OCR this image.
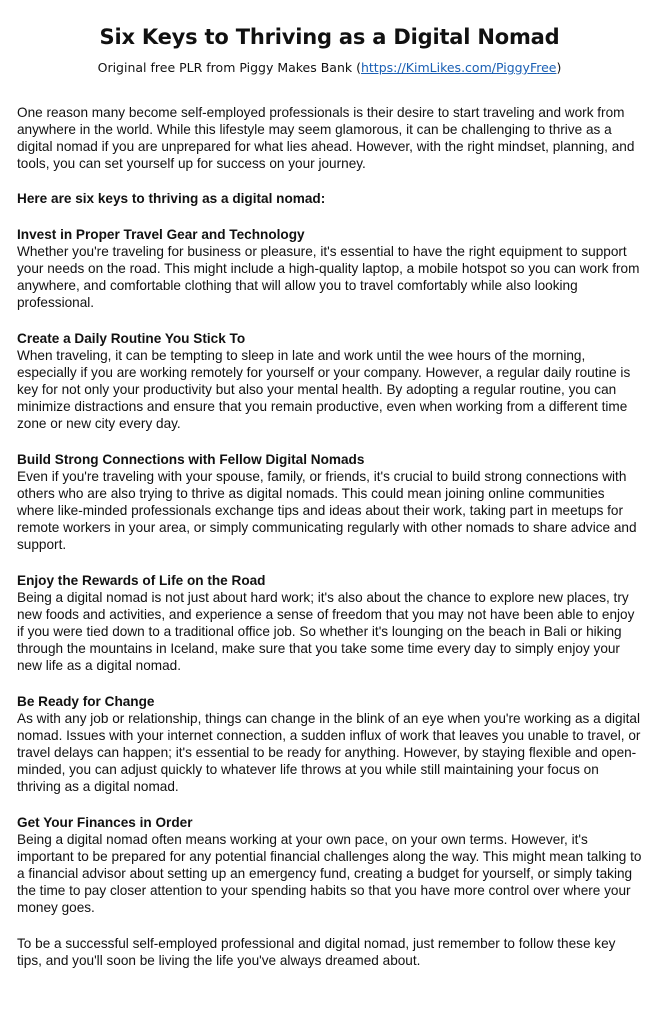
Six Keys to Thriving as a Digital Nomad

Original free PLR from Piggy Makes Bank (https://KimLikes.com/PiggyFree)

One reason many become self-employed professionals is their desire to start traveling and work from anywhere in the world. While this lifestyle may seem glamorous, it can be challenging to thrive as a digital nomad if you are unprepared for what lies ahead. However, with the right mindset, planning, and tools, you can set yourself up for success on your journey.

Here are six keys to thriving as a digital nomad:

Invest in Proper Travel Gear and Technology

Whether you're traveling for business or pleasure, it's essential to have the right equipment to support your needs on the road. This might include a high-quality laptop, a mobile hotspot so you can work from anywhere, and comfortable clothing that will allow you to travel comfortably while also looking professional.

Create a Daily Routine You Stick To

When traveling, it can be tempting to sleep in late and work until the wee hours of the morning, especially if you are working remotely for yourself or your company. However, a regular daily routine is key for not only your productivity but also your mental health. By adopting a regular routine, you can minimize distractions and ensure that you remain productive, even when working from a different time zone or new city every day.

Build Strong Connections with Fellow Digital Nomads

Even if you're traveling with your spouse, family, or friends, it's crucial to build strong connections with others who are also trying to thrive as digital nomads. This could mean joining online communities where like-minded professionals exchange tips and ideas about their work, taking part in meetups for remote workers in your area, or simply communicating regularly with other nomads to share advice and support.

Enjoy the Rewards of Life on the Road

Being a digital nomad is not just about hard work; it's also about the chance to explore new places, try new foods and activities, and experience a sense of freedom that you may not have been able to enjoy if you were tied down to a traditional office job. So whether it's lounging on the beach in Bali or hiking through the mountains in Iceland, make sure that you take some time every day to simply enjoy your new life as a digital nomad.

Be Ready for Change

As with any job or relationship, things can change in the blink of an eye when you're working as a digital nomad. Issues with your internet connection, a sudden influx of work that leaves you unable to travel, or travel delays can happen; it's essential to be ready for anything. However, by staying flexible and open-minded, you can adjust quickly to whatever life throws at you while still maintaining your focus on thriving as a digital nomad.

Get Your Finances in Order

Being a digital nomad often means working at your own pace, on your own terms. However, it's important to be prepared for any potential financial challenges along the way. This might mean talking to a financial advisor about setting up an emergency fund, creating a budget for yourself, or simply taking the time to pay closer attention to your spending habits so that you have more control over where your money goes.

To be a successful self-employed professional and digital nomad, just remember to follow these key tips, and you'll soon be living the life you've always dreamed about.
